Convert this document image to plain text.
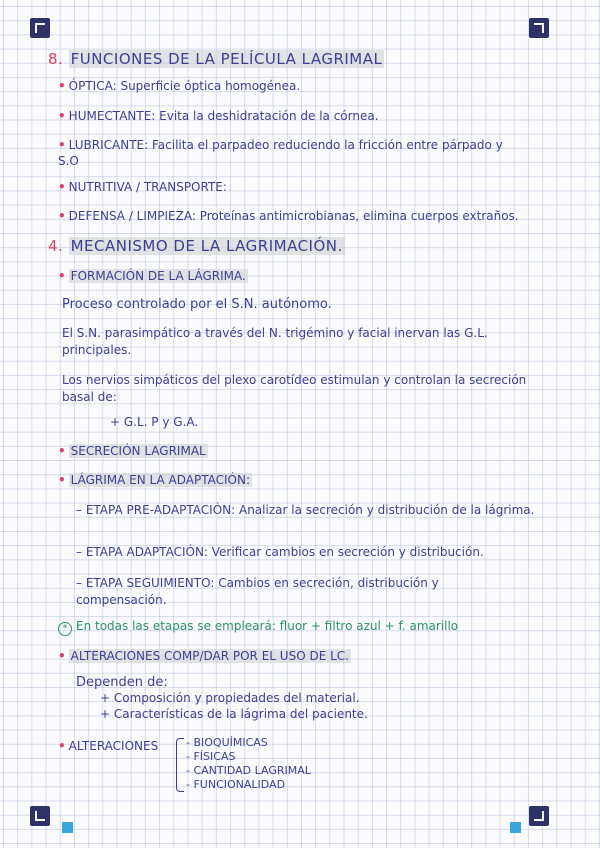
8. FUNCIONES DE LA PELÍCULA LAGRIMAL
• ÓPTICA: Superficie óptica homogénea.
• HUMECTANTE: Evita la deshidratación de la córnea.
• LUBRICANTE: Facilita el parpadeo reduciendo la fricción entre párpado y S.O
• NUTRITIVA / TRANSPORTE:
• DEFENSA / LIMPIEZA: Proteínas antimicrobianas, elimina cuerpos extraños.
4. MECANISMO DE LA LAGRIMACIÓN.
• FORMACIÓN DE LA LÁGRIMA.
Proceso controlado por el S.N. autónomo.
El S.N. parasimpático a través del N. trigémino y facial inervan las G.L. principales.
Los nervios simpáticos del plexo carotídeo estimulan y controlan la secreción basal de:
+ G.L. P y G.A.
• SECRECIÓN LAGRIMAL
• LÁGRIMA EN LA ADAPTACIÓN:
– ETAPA PRE-ADAPTACIÓN: Analizar la secreción y distribución de la lágrima.
– ETAPA ADAPTACIÓN: Verificar cambios en secreción y distribución.
– ETAPA SEGUIMIENTO: Cambios en secreción, distribución y compensación.
* En todas las etapas se empleará: fluor + filtro azul + f. amarillo
• ALTERACIONES COMP/DAR POR EL USO DE LC.
Dependen de:
+ Composición y propiedades del material.
+ Características de la lágrima del paciente.
• ALTERACIONES	- BIOQUÍMICAS
- FÍSICAS
- CANTIDAD LAGRIMAL
- FUNCIONALIDAD
